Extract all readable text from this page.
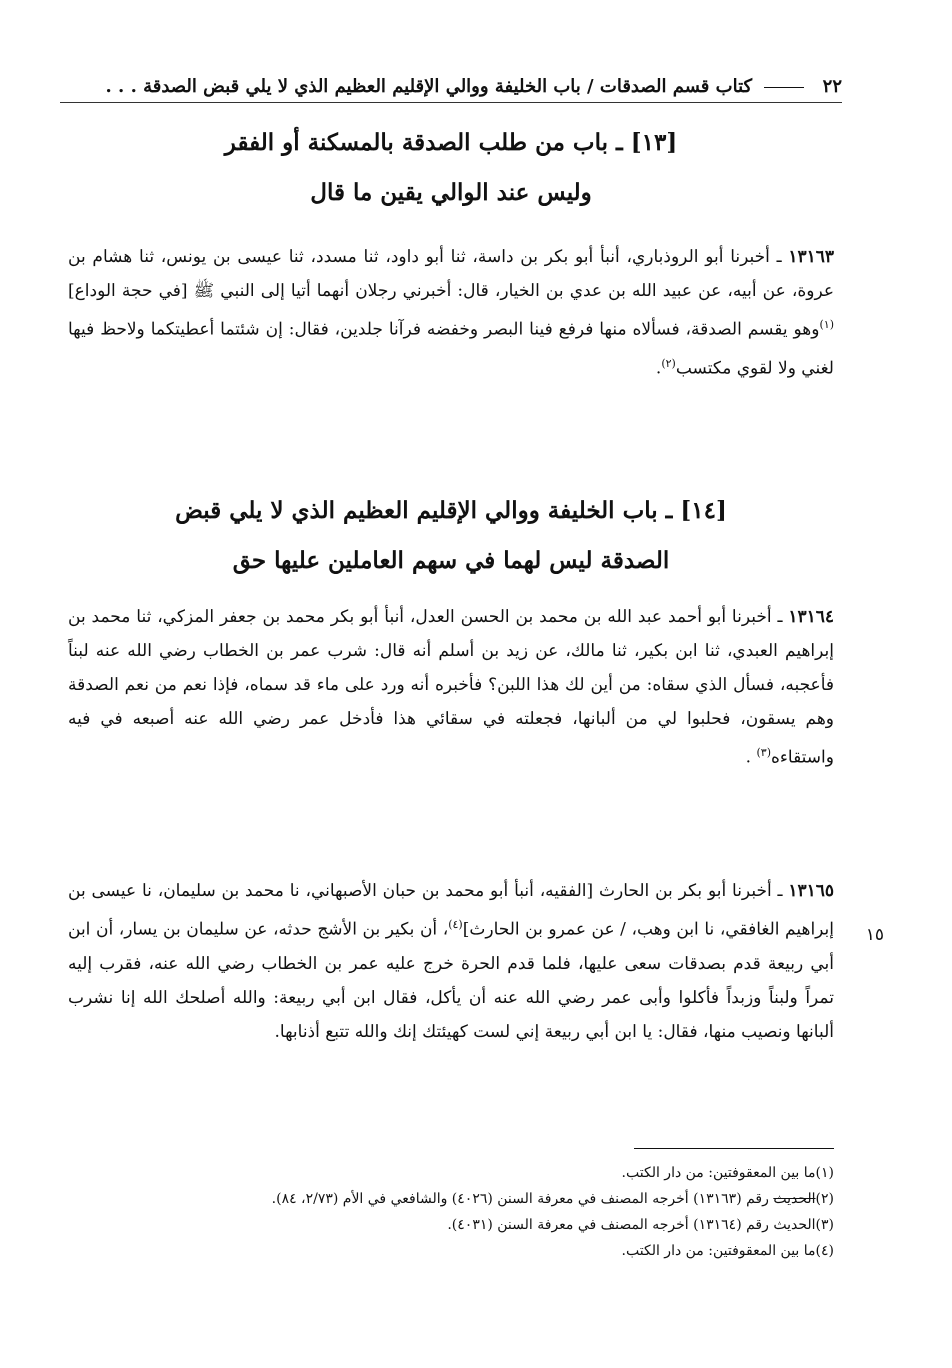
٢٢  كتاب قسم الصدقات / باب الخليفة ووالي الإقليم العظيم الذي لا يلي قبض الصدقة . . .
[١٣] ـ باب من طلب الصدقة بالمسكنة أو الفقر
وليس عند الوالي يقين ما قال
١٣١٦٣ ـ أخبرنا أبو الروذباري، أنبأ أبو بكر بن داسة، ثنا أبو داود، ثنا مسدد، ثنا عيسى بن يونس، ثنا هشام بن عروة، عن أبيه، عن عبيد الله بن عدي بن الخيار، قال: أخبرني رجلان أنهما أتيا إلى النبي ﷺ [في حجة الوداع]$^{(١)}$وهو يقسم الصدقة، فسألاه منها فرفع فينا البصر وخفضه فرآنا جلدين، فقال: إن شئتما أعطيتكما ولاحظ فيها لغني ولا لقوي مكتسب$^{(٢)}$.
[١٤] ـ باب الخليفة ووالي الإقليم العظيم الذي لا يلي قبض
الصدقة ليس لهما في سهم العاملين عليها حق
١٣١٦٤ ـ أخبرنا أبو أحمد عبد الله بن محمد بن الحسن العدل، أنبأ أبو بكر محمد بن جعفر المزكي، ثنا محمد بن إبراهيم العبدي، ثنا ابن بكير، ثنا مالك، عن زيد بن أسلم أنه قال: شرب عمر بن الخطاب رضي الله عنه لبناً فأعجبه، فسأل الذي سقاه: من أين لك هذا اللبن؟ فأخبره أنه ورد على ماء قد سماه، فإذا نعم من نعم الصدقة وهم يسقون، فحلبوا لي من ألبانها، فجعلته في سقائي هذا فأدخل عمر رضي الله عنه أصبعه في فيه واستقاءه$^{(٣)}$ .
١٣١٦٥ ـ أخبرنا أبو بكر بن الحارث [الفقيه، أنبأ أبو محمد بن حبان الأصبهاني، نا محمد بن سليمان، نا عيسى بن إبراهيم الغافقي، نا ابن وهب، / عن عمرو بن الحارث]$^{(٤)}$، أن بكير بن الأشج حدثه، عن سليمان بن يسار، أن ابن أبي ربيعة قدم بصدقات سعى عليها، فلما قدم الحرة خرج عليه عمر بن الخطاب رضي الله عنه، فقرب إليه تمراً ولبناً وزبداً فأكلوا وأبى عمر رضي الله عنه أن يأكل، فقال ابن أبي ربيعة: والله أصلحك الله إنا نشرب ألبانها ونصيب منها، فقال: يا ابن أبي ربيعة إني لست كهيئتك إنك والله تتبع أذنابها.
١٥
(١)ما بين المعقوفتين: من دار الكتب.
(٢)الحديث رقم (١٣١٦٣) أخرجه المصنف في معرفة السنن (٤٠٢٦) والشافعي في الأم (٢/٧٣، ٨٤).
(٣)الحديث رقم (١٣١٦٤) أخرجه المصنف في معرفة السنن (٤٠٣١).
(٤)ما بين المعقوفتين: من دار الكتب.
